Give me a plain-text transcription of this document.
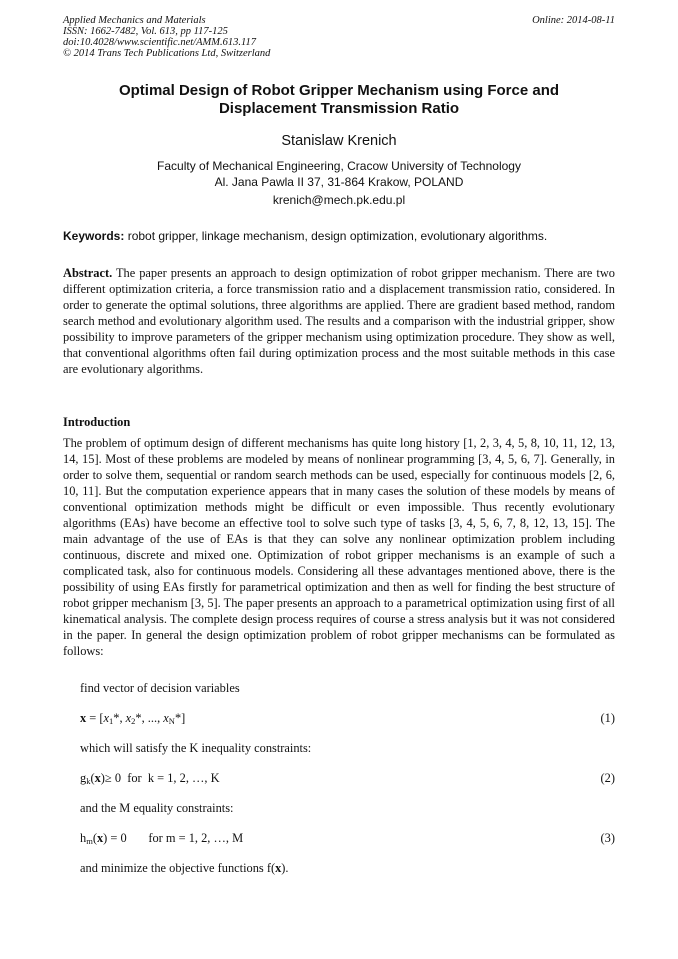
Applied Mechanics and Materials
ISSN: 1662-7482, Vol. 613, pp 117-125
doi:10.4028/www.scientific.net/AMM.613.117
© 2014 Trans Tech Publications Ltd, Switzerland
Online: 2014-08-11
Optimal Design of Robot Gripper Mechanism using Force and
Displacement Transmission Ratio
Stanislaw Krenich
Faculty of Mechanical Engineering, Cracow University of Technology
Al. Jana Pawla II 37, 31-864 Krakow, POLAND
krenich@mech.pk.edu.pl
Keywords: robot gripper, linkage mechanism, design optimization, evolutionary algorithms.
Abstract. The paper presents an approach to design optimization of robot gripper mechanism. There are two different optimization criteria, a force transmission ratio and a displacement transmission ratio, considered. In order to generate the optimal solutions, three algorithms are applied. There are gradient based method, random search method and evolutionary algorithm used. The results and a comparison with the industrial gripper, show possibility to improve parameters of the gripper mechanism using optimization procedure. They show as well, that conventional algorithms often fail during optimization process and the most suitable methods in this case are evolutionary algorithms.
Introduction
The problem of optimum design of different mechanisms has quite long history [1, 2, 3, 4, 5, 8, 10, 11, 12, 13, 14, 15]. Most of these problems are modeled by means of nonlinear programming [3, 4, 5, 6, 7]. Generally, in order to solve them, sequential or random search methods can be used, especially for continuous models [2, 6, 10, 11]. But the computation experience appears that in many cases the solution of these models by means of conventional optimization methods might be difficult or even impossible. Thus recently evolutionary algorithms (EAs) have become an effective tool to solve such type of tasks [3, 4, 5, 6, 7, 8, 12, 13, 15]. The main advantage of the use of EAs is that they can solve any nonlinear optimization problem including continuous, discrete and mixed one. Optimization of robot gripper mechanisms is an example of such a complicated task, also for continuous models. Considering all these advantages mentioned above, there is the possibility of using EAs firstly for parametrical optimization and then as well for finding the best structure of robot gripper mechanism [3, 5]. The paper presents an approach to a parametrical optimization using first of all kinematical analysis. The complete design process requires of course a stress analysis but it was not considered in the paper. In general the design optimization problem of robot gripper mechanisms can be formulated as follows:
find vector of decision variables
$x = [x_1*$, $x_2*$, ..., $x_N*$]	(1)
which will satisfy the K inequality constraints:
$g_k(x)\ge 0$  for  k = 1, 2, …, K	(2)
and the M equality constraints:
$h_m(x) = 0$       for m = 1, 2, …, M	(3)
and minimize the objective functions f(x).
